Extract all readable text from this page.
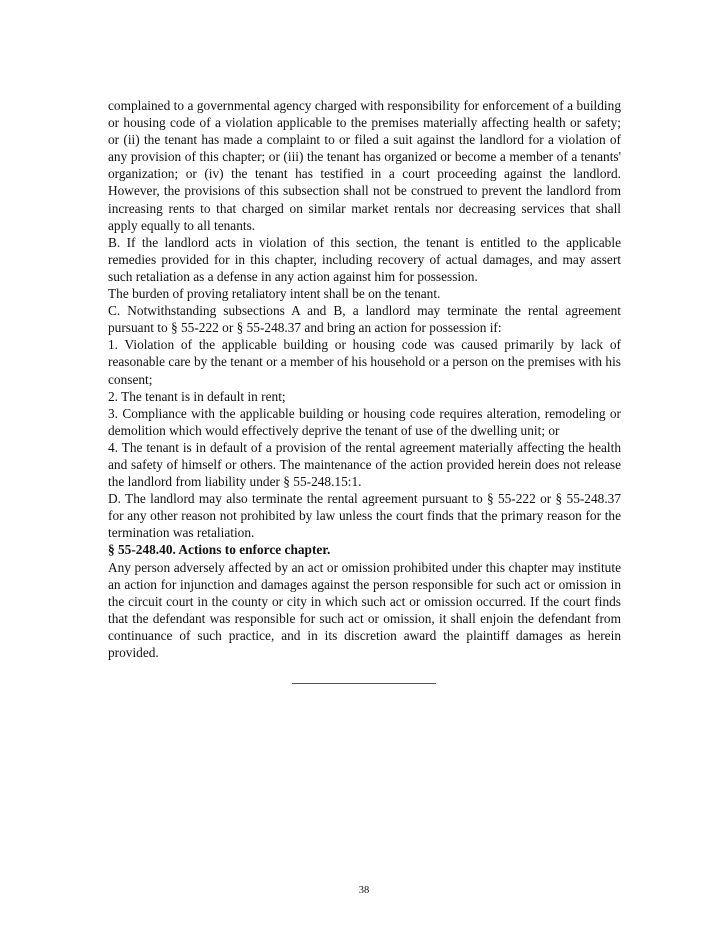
complained to a governmental agency charged with responsibility for enforcement of a building or housing code of a violation applicable to the premises materially affecting health or safety; or (ii) the tenant has made a complaint to or filed a suit against the landlord for a violation of any provision of this chapter; or (iii) the tenant has organized or become a member of a tenants' organization; or (iv) the tenant has testified in a court proceeding against the landlord. However, the provisions of this subsection shall not be construed to prevent the landlord from increasing rents to that charged on similar market rentals nor decreasing services that shall apply equally to all tenants.

B. If the landlord acts in violation of this section, the tenant is entitled to the applicable remedies provided for in this chapter, including recovery of actual damages, and may assert such retaliation as a defense in any action against him for possession.

The burden of proving retaliatory intent shall be on the tenant.

C. Notwithstanding subsections A and B, a landlord may terminate the rental agreement pursuant to § 55-222 or § 55-248.37 and bring an action for possession if:

1. Violation of the applicable building or housing code was caused primarily by lack of reasonable care by the tenant or a member of his household or a person on the premises with his consent;

2. The tenant is in default in rent;

3. Compliance with the applicable building or housing code requires alteration, remodeling or demolition which would effectively deprive the tenant of use of the dwelling unit; or

4. The tenant is in default of a provision of the rental agreement materially affecting the health and safety of himself or others. The maintenance of the action provided herein does not release the landlord from liability under § 55-248.15:1.

D. The landlord may also terminate the rental agreement pursuant to § 55-222 or § 55-248.37 for any other reason not prohibited by law unless the court finds that the primary reason for the termination was retaliation.

§ 55-248.40. Actions to enforce chapter.

Any person adversely affected by an act or omission prohibited under this chapter may institute an action for injunction and damages against the person responsible for such act or omission in the circuit court in the county or city in which such act or omission occurred. If the court finds that the defendant was responsible for such act or omission, it shall enjoin the defendant from continuance of such practice, and in its discretion award the plaintiff damages as herein provided.

38
